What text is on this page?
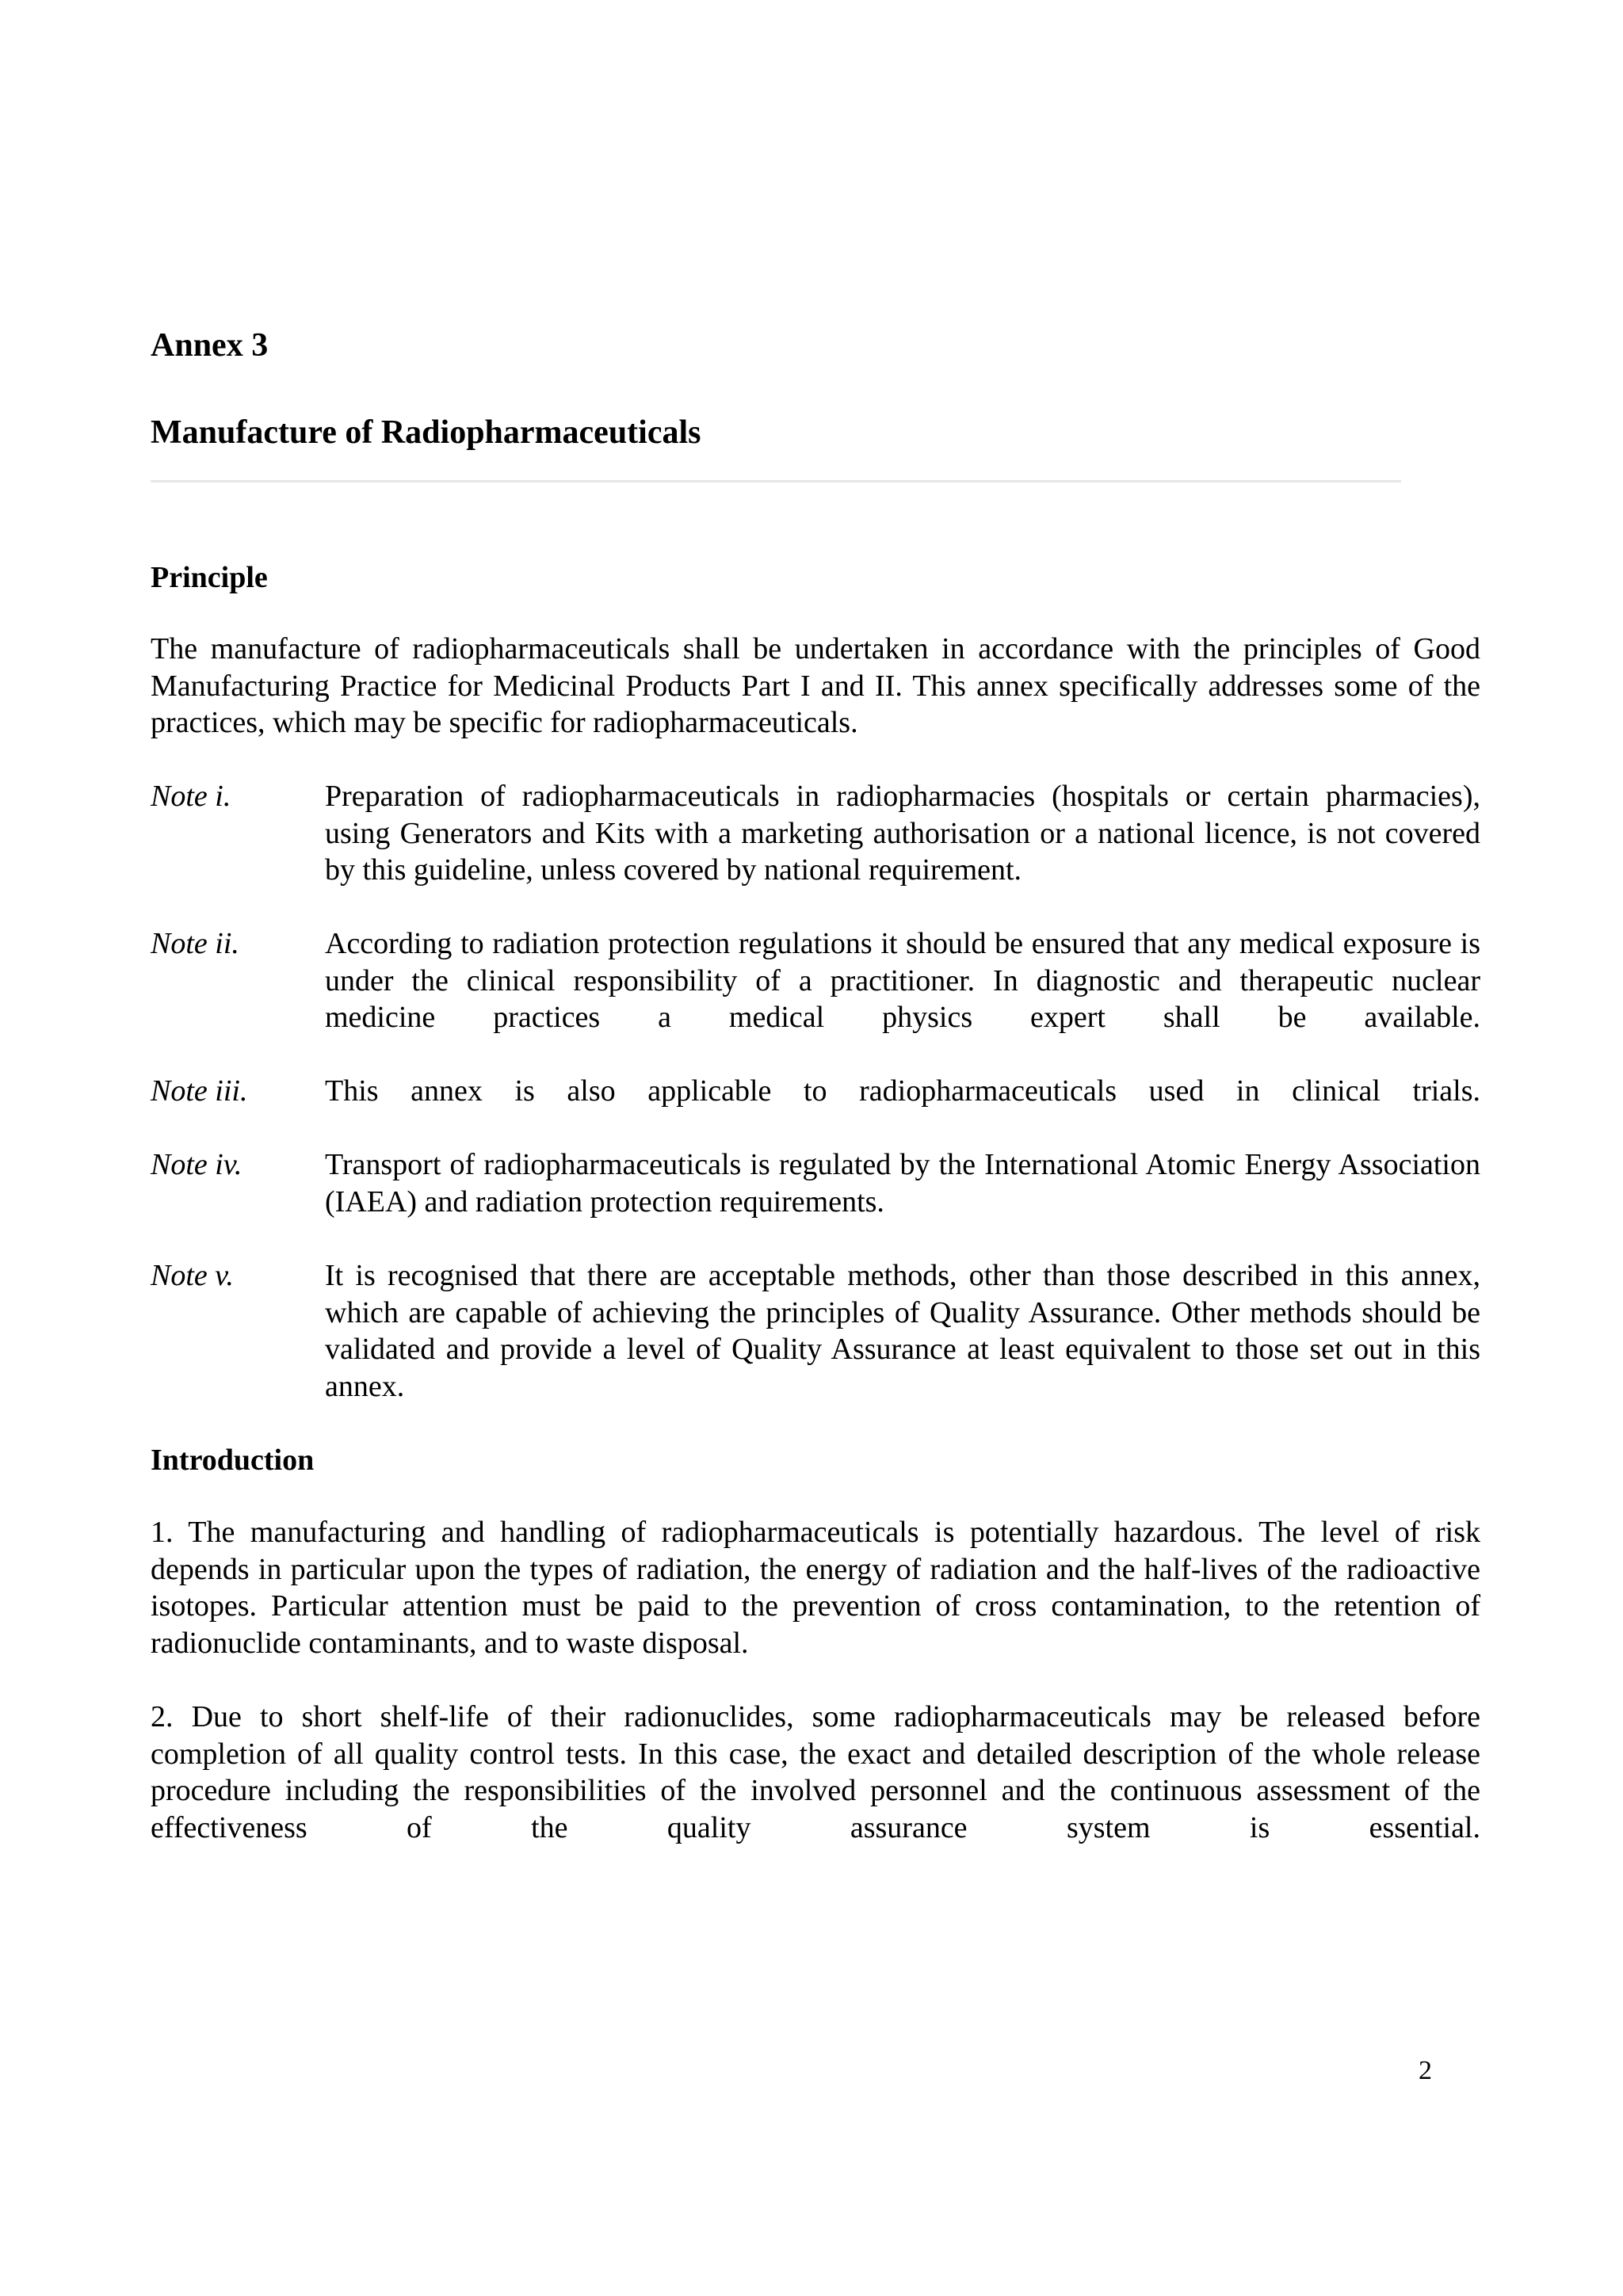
Annex 3
Manufacture of Radiopharmaceuticals
Principle

The manufacture of radiopharmaceuticals shall be undertaken in accordance with the principles of Good Manufacturing Practice for Medicinal Products Part I and II. This annex specifically addresses some of the practices, which may be specific for radiopharmaceuticals.

Note i.	Preparation of radiopharmaceuticals in radiopharmacies (hospitals or certain pharmacies), using Generators and Kits with a marketing authorisation or a national licence, is not covered by this guideline, unless covered by national requirement.

Note ii.	According to radiation protection regulations it should be ensured that any medical exposure is under the clinical responsibility of a practitioner. In diagnostic and therapeutic nuclear medicine practices a medical physics expert shall be available.

Note iii.	This annex is also applicable to radiopharmaceuticals used in clinical trials.

Note iv.	Transport of radiopharmaceuticals is regulated by the International Atomic Energy Association (IAEA) and radiation protection requirements.

Note v.	It is recognised that there are acceptable methods, other than those described in this annex, which are capable of achieving the principles of Quality Assurance. Other methods should be validated and provide a level of Quality Assurance at least equivalent to those set out in this annex.

Introduction

1. The manufacturing and handling of radiopharmaceuticals is potentially hazardous. The level of risk depends in particular upon the types of radiation, the energy of radiation and the half-lives of the radioactive isotopes. Particular attention must be paid to the prevention of cross contamination, to the retention of radionuclide contaminants, and to waste disposal.

2. Due to short shelf-life of their radionuclides, some radiopharmaceuticals may be released before completion of all quality control tests. In this case, the exact and detailed description of the whole release procedure including the responsibilities of the involved personnel and the continuous assessment of the effectiveness of the quality assurance system is essential.

2
